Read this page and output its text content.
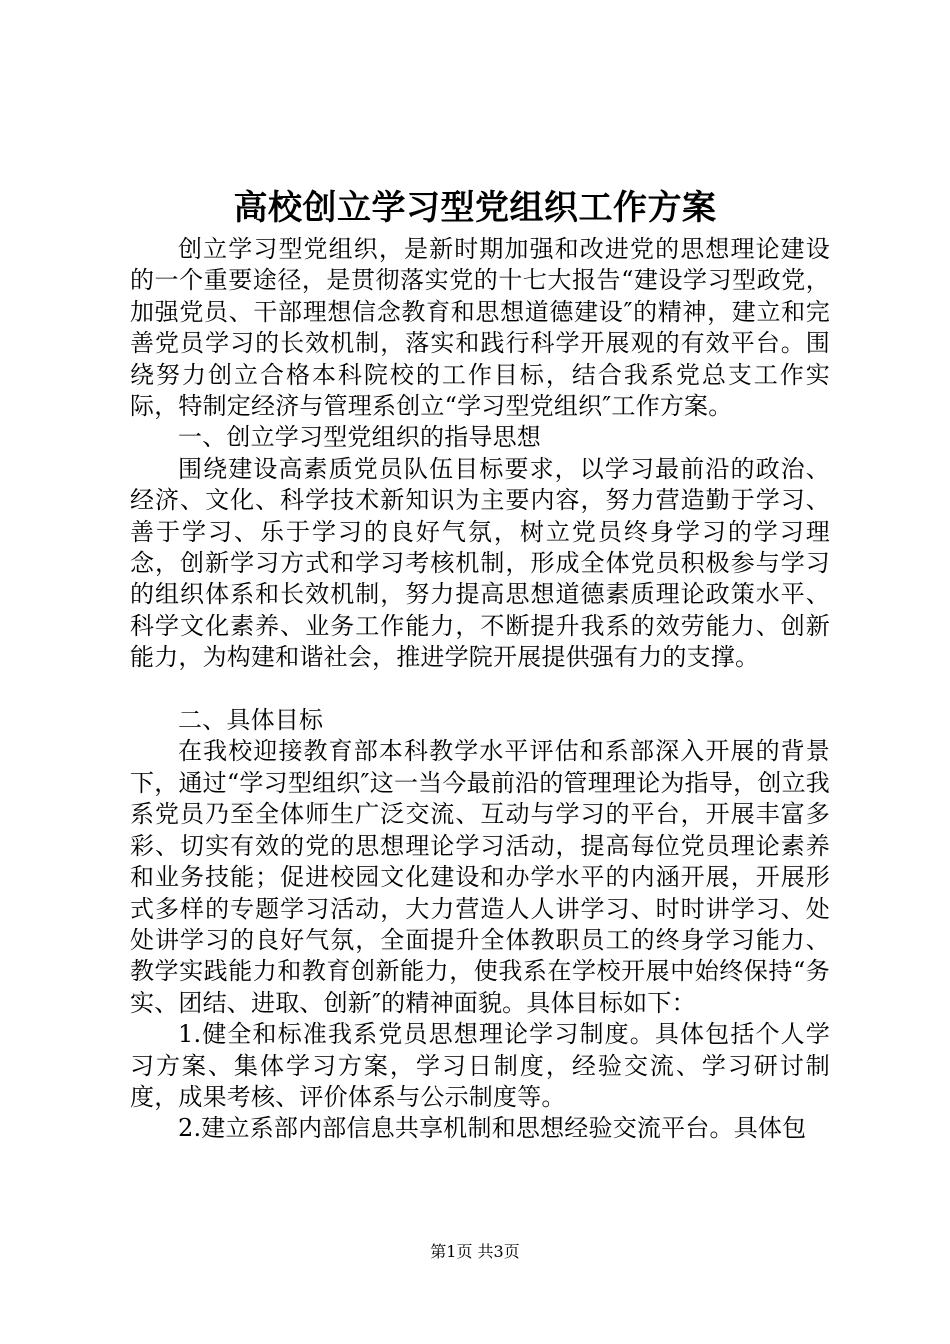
高校创立学习型党组织工作方案

创立学习型党组织，是新时期加强和改进党的思想理论建设的一个重要途径，是贯彻落实党的十七大报告“建设学习型政党，加强党员、干部理想信念教育和思想道德建设″的精神，建立和完善党员学习的长效机制，落实和践行科学开展观的有效平台。围绕努力创立合格本科院校的工作目标，结合我系党总支工作实际，特制定经济与管理系创立“学习型党组织″工作方案。

一、创立学习型党组织的指导思想

围绕建设高素质党员队伍目标要求，以学习最前沿的政治、经济、文化、科学技术新知识为主要内容，努力营造勤于学习、善于学习、乐于学习的良好气氛，树立党员终身学习的学习理念，创新学习方式和学习考核机制，形成全体党员积极参与学习的组织体系和长效机制，努力提高思想道德素质理论政策水平、科学文化素养、业务工作能力，不断提升我系的效劳能力、创新能力，为构建和谐社会，推进学院开展提供强有力的支撑。

二、具体目标

在我校迎接教育部本科教学水平评估和系部深入开展的背景下，通过“学习型组织″这一当今最前沿的管理理论为指导，创立我系党员乃至全体师生广泛交流、互动与学习的平台，开展丰富多彩、切实有效的党的思想理论学习活动，提高每位党员理论素养和业务技能；促进校园文化建设和办学水平的内涵开展，开展形式多样的专题学习活动，大力营造人人讲学习、时时讲学习、处处讲学习的良好气氛，全面提升全体教职员工的终身学习能力、教学实践能力和教育创新能力，使我系在学校开展中始终保持“务实、团结、进取、创新″的精神面貌。具体目标如下：

1.健全和标准我系党员思想理论学习制度。具体包括个人学习方案、集体学习方案，学习日制度，经验交流、学习研讨制度，成果考核、评价体系与公示制度等。

2.建立系部内部信息共享机制和思想经验交流平台。具体包

第1页 共3页
